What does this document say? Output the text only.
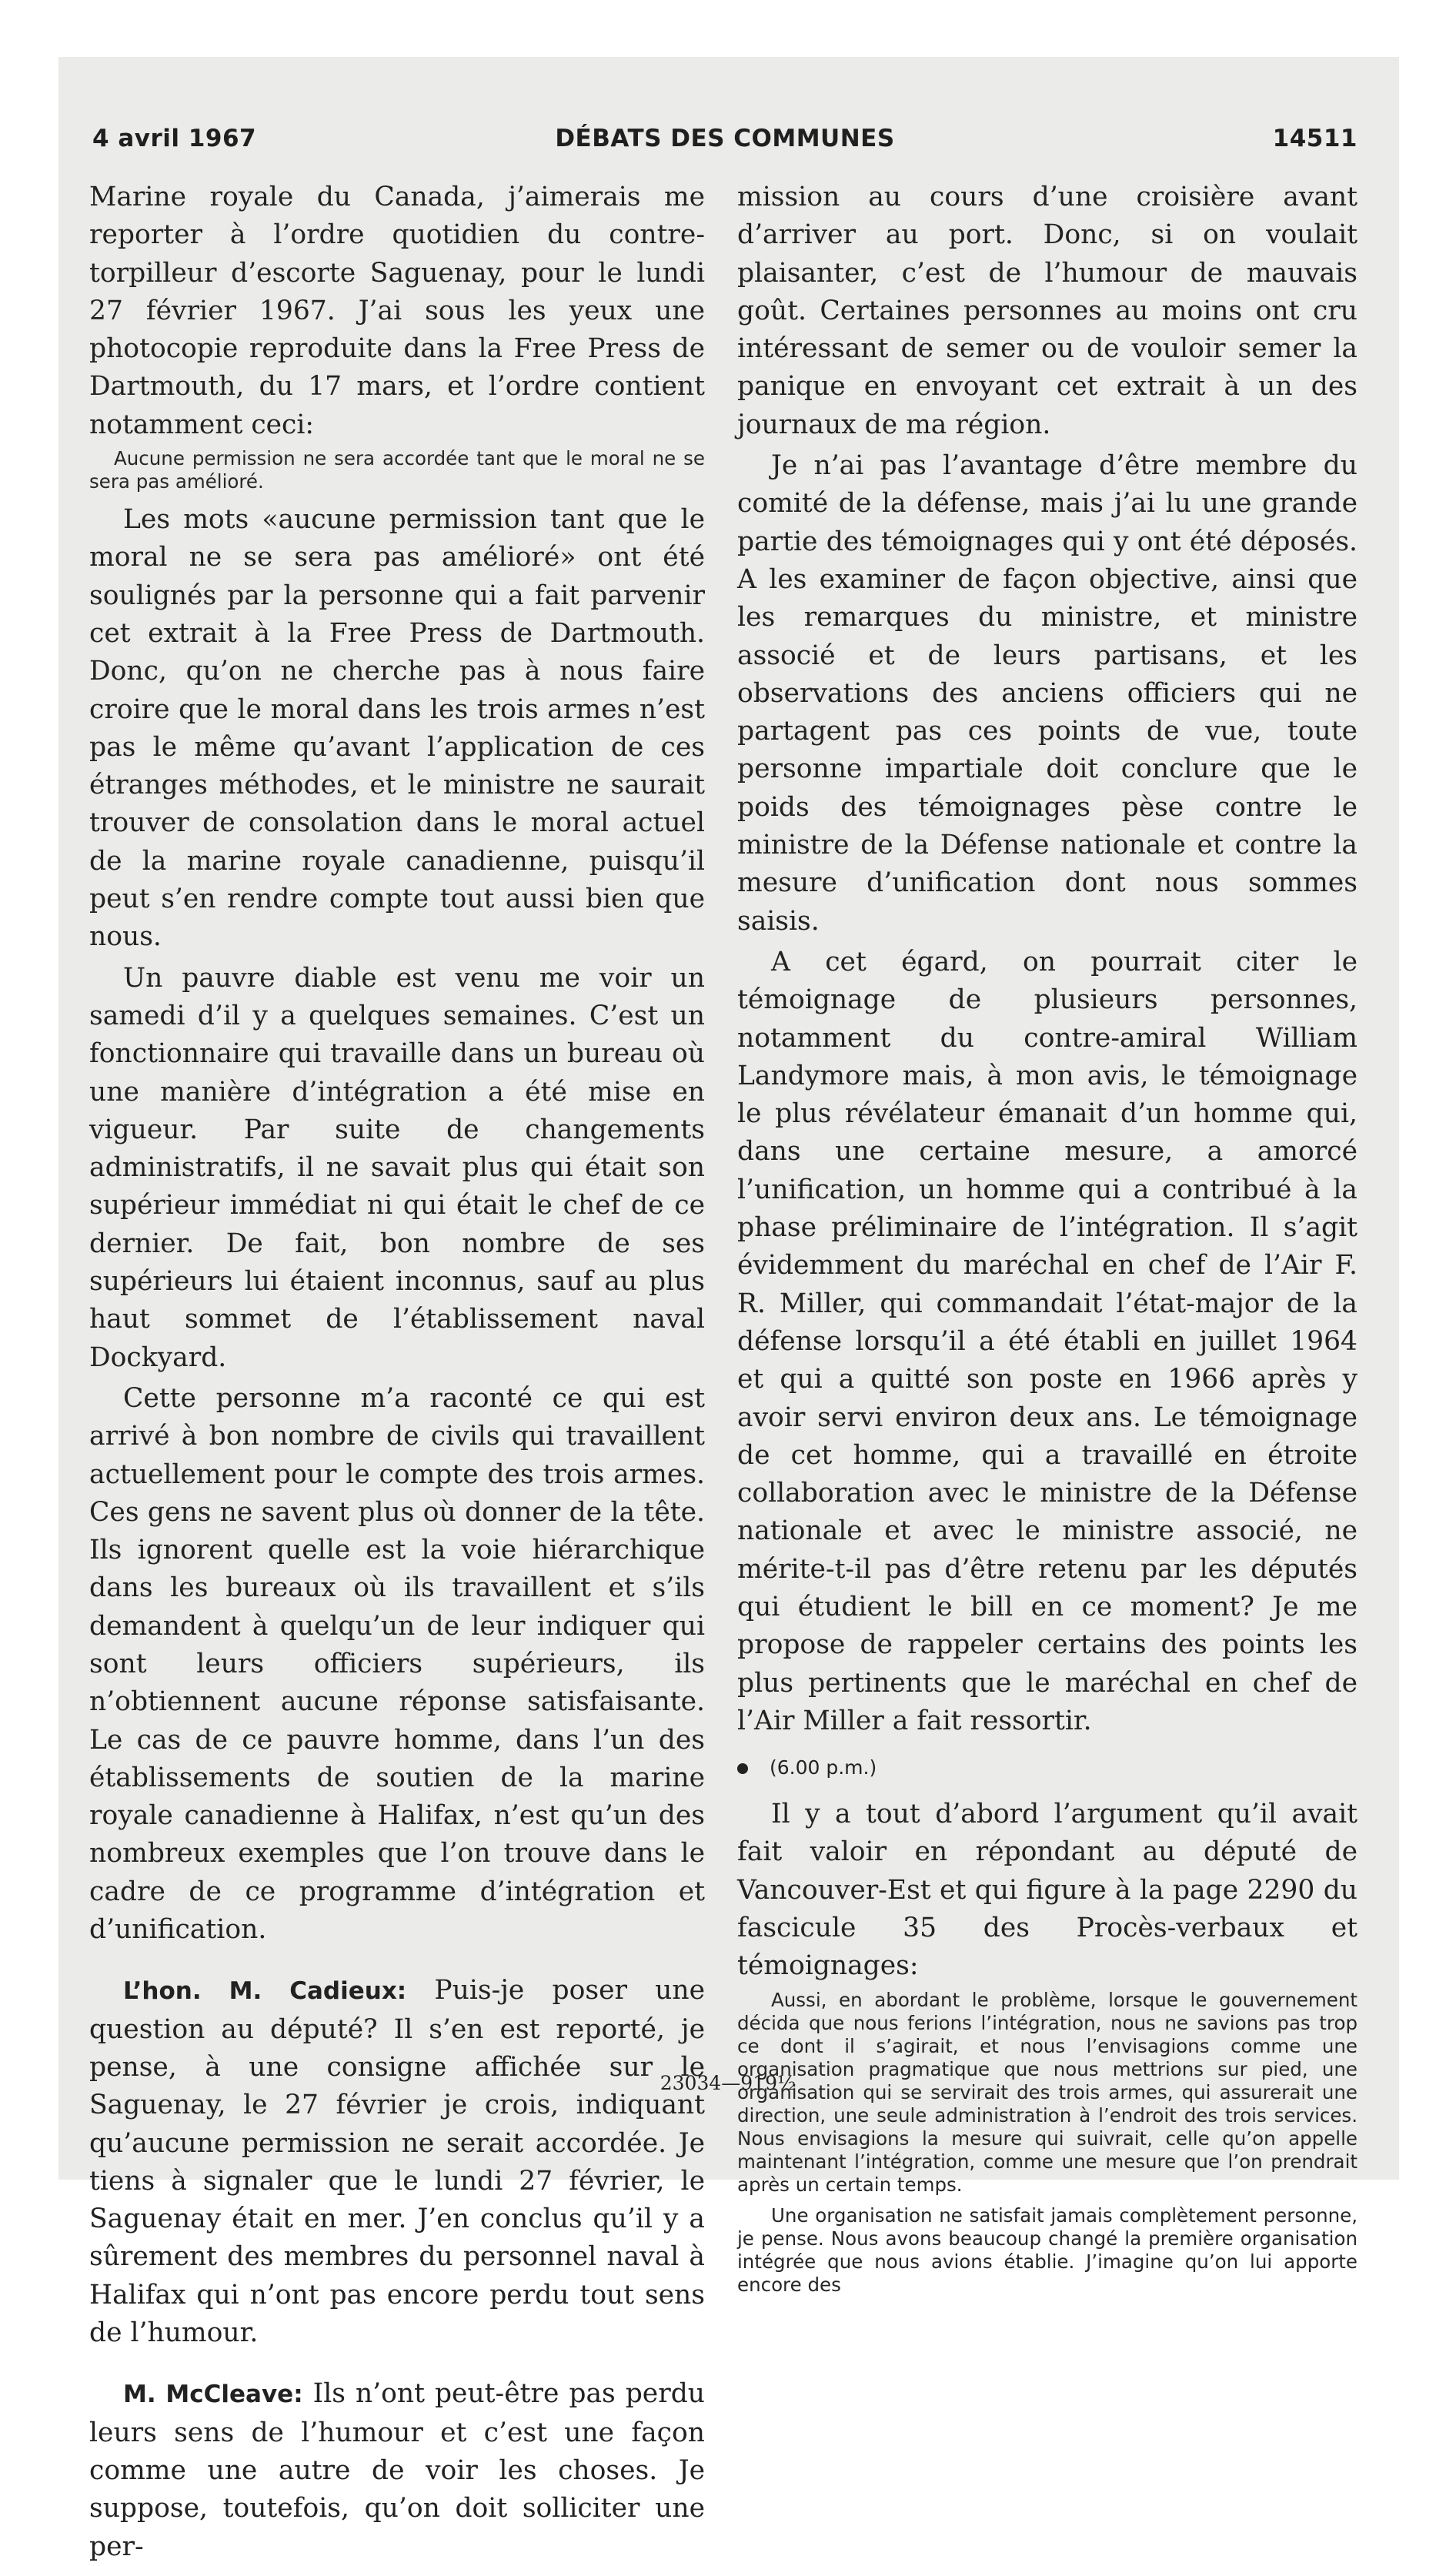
4 avril 1967	DÉBATS DES COMMUNES	14511

Marine royale du Canada, j’aimerais me reporter à l’ordre quotidien du contre-torpilleur d’escorte Saguenay, pour le lundi 27 février 1967. J’ai sous les yeux une photocopie reproduite dans la Free Press de Dartmouth, du 17 mars, et l’ordre contient notamment ceci:

Aucune permission ne sera accordée tant que le moral ne se sera pas amélioré.

Les mots «aucune permission tant que le moral ne se sera pas amélioré» ont été soulignés par la personne qui a fait parvenir cet extrait à la Free Press de Dartmouth. Donc, qu’on ne cherche pas à nous faire croire que le moral dans les trois armes n’est pas le même qu’avant l’application de ces étranges méthodes, et le ministre ne saurait trouver de consolation dans le moral actuel de la marine royale canadienne, puisqu’il peut s’en rendre compte tout aussi bien que nous.

Un pauvre diable est venu me voir un samedi d’il y a quelques semaines. C’est un fonctionnaire qui travaille dans un bureau où une manière d’intégration a été mise en vigueur. Par suite de changements administratifs, il ne savait plus qui était son supérieur immédiat ni qui était le chef de ce dernier. De fait, bon nombre de ses supérieurs lui étaient inconnus, sauf au plus haut sommet de l’établissement naval Dockyard.

Cette personne m’a raconté ce qui est arrivé à bon nombre de civils qui travaillent actuellement pour le compte des trois armes. Ces gens ne savent plus où donner de la tête. Ils ignorent quelle est la voie hiérarchique dans les bureaux où ils travaillent et s’ils demandent à quelqu’un de leur indiquer qui sont leurs officiers supérieurs, ils n’obtiennent aucune réponse satisfaisante. Le cas de ce pauvre homme, dans l’un des établissements de soutien de la marine royale canadienne à Halifax, n’est qu’un des nombreux exemples que l’on trouve dans le cadre de ce programme d’intégration et d’unification.

L’hon. M. Cadieux: Puis-je poser une question au député? Il s’en est reporté, je pense, à une consigne affichée sur le Saguenay, le 27 février je crois, indiquant qu’aucune permission ne serait accordée. Je tiens à signaler que le lundi 27 février, le Saguenay était en mer. J’en conclus qu’il y a sûrement des membres du personnel naval à Halifax qui n’ont pas encore perdu tout sens de l’humour.

M. McCleave: Ils n’ont peut-être pas perdu leurs sens de l’humour et c’est une façon comme une autre de voir les choses. Je suppose, toutefois, qu’on doit solliciter une per-

mission au cours d’une croisière avant d’arriver au port. Donc, si on voulait plaisanter, c’est de l’humour de mauvais goût. Certaines personnes au moins ont cru intéressant de semer ou de vouloir semer la panique en envoyant cet extrait à un des journaux de ma région.

Je n’ai pas l’avantage d’être membre du comité de la défense, mais j’ai lu une grande partie des témoignages qui y ont été déposés. A les examiner de façon objective, ainsi que les remarques du ministre, et ministre associé et de leurs partisans, et les observations des anciens officiers qui ne partagent pas ces points de vue, toute personne impartiale doit conclure que le poids des témoignages pèse contre le ministre de la Défense nationale et contre la mesure d’unification dont nous sommes saisis.

A cet égard, on pourrait citer le témoignage de plusieurs personnes, notamment du contre-amiral William Landymore mais, à mon avis, le témoignage le plus révélateur émanait d’un homme qui, dans une certaine mesure, a amorcé l’unification, un homme qui a contribué à la phase préliminaire de l’intégration. Il s’agit évidemment du maréchal en chef de l’Air F. R. Miller, qui commandait l’état-major de la défense lorsqu’il a été établi en juillet 1964 et qui a quitté son poste en 1966 après y avoir servi environ deux ans. Le témoignage de cet homme, qui a travaillé en étroite collaboration avec le ministre de la Défense nationale et avec le ministre associé, ne mérite-t-il pas d’être retenu par les députés qui étudient le bill en ce moment? Je me propose de rappeler certains des points les plus pertinents que le maréchal en chef de l’Air Miller a fait ressortir.

(6.00 p.m.)

Il y a tout d’abord l’argument qu’il avait fait valoir en répondant au député de Vancouver-Est et qui figure à la page 2290 du fascicule 35 des Procès-verbaux et témoignages:

Aussi, en abordant le problème, lorsque le gouvernement décida que nous ferions l’intégration, nous ne savions pas trop ce dont il s’agirait, et nous l’envisagions comme une organisation pragmatique que nous mettrions sur pied, une organisation qui se servirait des trois armes, qui assurerait une direction, une seule administration à l’endroit des trois services. Nous envisagions la mesure qui suivrait, celle qu’on appelle maintenant l’intégration, comme une mesure que l’on prendrait après un certain temps.

Une organisation ne satisfait jamais complètement personne, je pense. Nous avons beaucoup changé la première organisation intégrée que nous avions établie. J’imagine qu’on lui apporte encore des

23034—919½
